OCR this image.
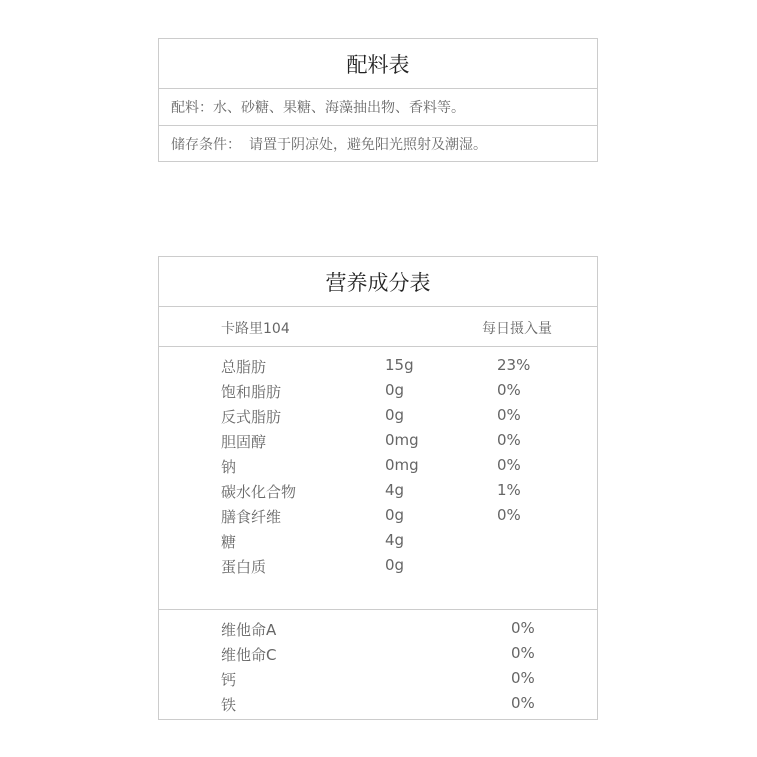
配料表
配料： 水、砂糖、果糖、海藻抽出物、香料等。
储存条件： 请置于阴凉处，避免阳光照射及潮湿。
营养成分表
卡路里104	每日摄入量
总脂肪	15g	23%
饱和脂肪	0g	0%
反式脂肪	0g	0%
胆固醇	0mg	0%
钠	0mg	0%
碳水化合物	4g	1%
膳食纤维	0g	0%
糖	4g
蛋白质	0g
维他命A	0%
维他命C	0%
钙	0%
铁	0%
